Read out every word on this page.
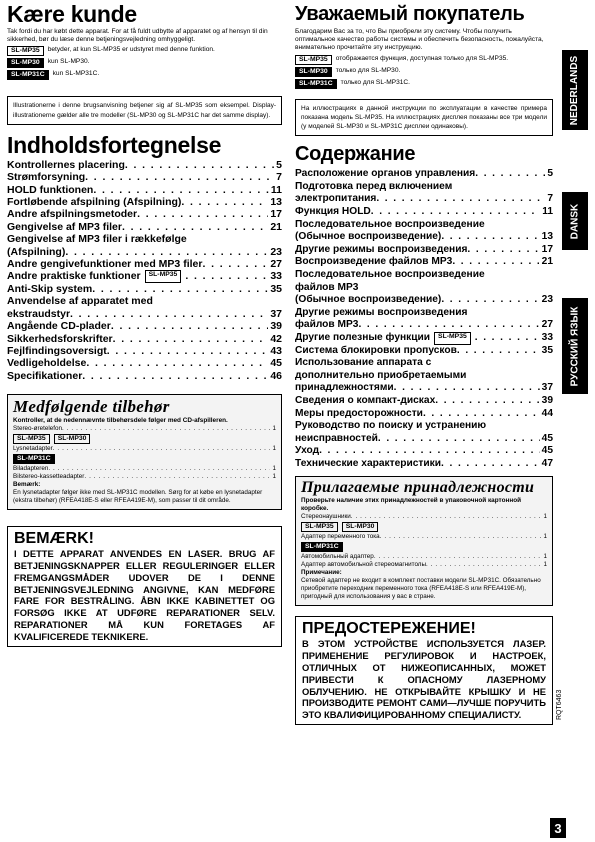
Kære kunde

Tak fordi du har købt dette apparat. For at få fuldt udbytte af apparatet og af hensyn til din sikkerhed, bør du læse denne betjeningsvejledning omhyggeligt.

SL-MP35	betyder, at kun SL-MP35 er udstyret med denne funktion.
SL-MP30	kun SL-MP30.
SL-MP31C	kun SL-MP31C.
Illustrationerne i denne brugsanvisning betjener sig af SL-MP35 som eksempel. Display-illustrationerne gælder alle tre modeller (SL-MP30 og SL-MP31C har det samme display).
Indholdsfortegnelse
Kontrollernes placering . . .	5
Strømforsyning . . .	7
HOLD funktionen . . .	11
Fortløbende afspilning (Afspilning) . . .	13
Andre afspilningsmetoder . . .	17
Gengivelse af MP3 filer . . .	21
Gengivelse af MP3 filer i rækkefølge
(Afspilning) . . .	23
Andre gengivefunktioner med MP3 filer . . .	27
Andre praktiske funktioner	SL-MP35 . . .	33
Anti-Skip system . . .	35
Anvendelse af apparatet med
ekstraudstyr . . .	37
Angående CD-plader . . .	39
Sikkerhedsforskrifter . . .	42
Fejlfindingsoversigt . . .	43
Vedligeholdelse . . .	45
Specifikationer . . .	46
Medfølgende tilbehør
Kontroller, at de nedennævnte tilbehørsdele følger med CD-afspilleren.
Stereo-øretelefon . . .	1
SL-MP35 SL-MP30
Lysnetadapter . . .	1
SL-MP31C
Biladapteren . . .	1
Bilstereo-kassetteadapter . . .	1
Bemærk:
En lysnetadapter følger ikke med SL-MP31C modellen. Sørg for at købe en lysnetadapter (ekstra tilbehør) (RFEA418E-S eller RFEA419E-M), som passer til dit område.
BEMÆRK!
I DETTE APPARAT ANVENDES EN LASER. BRUG AF BETJENINGSKNAPPER ELLER REGULERINGER ELLER FREMGANGSMÅDER UDOVER DE I DENNE BETJENINGSVEJLEDNING ANGIVNE, KAN MEDFØRE FARE FOR BESTRÅLING. ÅBN IKKE KABINETTET OG FORSØG IKKE AT UDFØRE REPARATIONER SELV. REPARATIONER MÅ KUN FORETAGES AF KVALIFICEREDE TEKNIKERE.
Уважаемый покупатель

Благодарим Вас за то, что Вы приобрели эту систему. Чтобы получить оптимальное качество работы системы и обеспечить безопасность, пожалуйста, внимательно прочитайте эту инструкцию.

SL-MP35	отображается функция, доступная только для SL-MP35.
SL-MP30	только для SL-MP30.
SL-MP31C	только для SL-MP31C.
На иллюстрациях в данной инструкции по эксплуатации в качестве примера показана модель SL-MP35. На иллюстрациях дисплея показаны все три модели (у моделей SL-MP30 и SL-MP31C дисплеи одинаковы).
Содержание
Расположение органов управления . . .	5
Подготовка перед включением
электропитания . . .	7
Функция HOLD . . .	11
Последовательное воспроизведение
(Обычное воспроизведение) . . .	13
Другие режимы воспроизведения . . .	17
Воспроизведение файлов MP3 . . .	21
Последовательное воспроизведение
файлов MP3
(Обычное воспроизведение) . . .	23
Другие режимы воспроизведения
файлов MP3 . . .	27
Другие полезные функции	SL-MP35 . . .	33
Система блокировки пропусков . . .	35
Использование аппарата с
дополнительно приобретаемыми
принадлежностями . . .	37
Сведения о компакт-дисках . . .	39
Меры предосторожности . . .	44
Руководство по поиску и устранению
неисправностей . . .	45
Уход . . .	45
Технические характеристики . . .	47
Прилагаемые принадлежности
Проверьте наличие этих принадлежностей в упаковочной картонной коробке.
Стереонаушники . . .	1
SL-MP35 SL-MP30
Адаптер переменного тока . . .	1
SL-MP31C
Автомобильный адаптер . . .	1
Адаптер автомобильной стереомагнитолы . . .	1
Примечание:
Сетевой адаптер не входит в комплект поставки модели SL-MP31C. Обязательно приобретите переходник переменного тока (RFEA418E-S или RFEA419E-M), пригодный для использования у вас в стране.
ПРЕДОСТЕРЕЖЕНИЕ!
В ЭТОМ УСТРОЙСТВЕ ИСПОЛЬЗУЕТСЯ ЛАЗЕР. ПРИМЕНЕНИЕ РЕГУЛИРОВОК И НАСТРОЕК, ОТЛИЧНЫХ ОТ НИЖЕОПИСАННЫХ, МОЖЕТ ПРИВЕСТИ К ОПАСНОМУ ЛАЗЕРНОМУ ОБЛУЧЕНИЮ. НЕ ОТКРЫВАЙТЕ КРЫШКУ И НЕ ПРОИЗВОДИТЕ РЕМОНТ САМИ—ЛУЧШЕ ПОРУЧИТЬ ЭТО КВАЛИФИЦИРОВАННОМУ СПЕЦИАЛИСТУ.
NEDERLANDS
DANSK
РУССКИЙ ЯЗЫК
RQT6463
3
